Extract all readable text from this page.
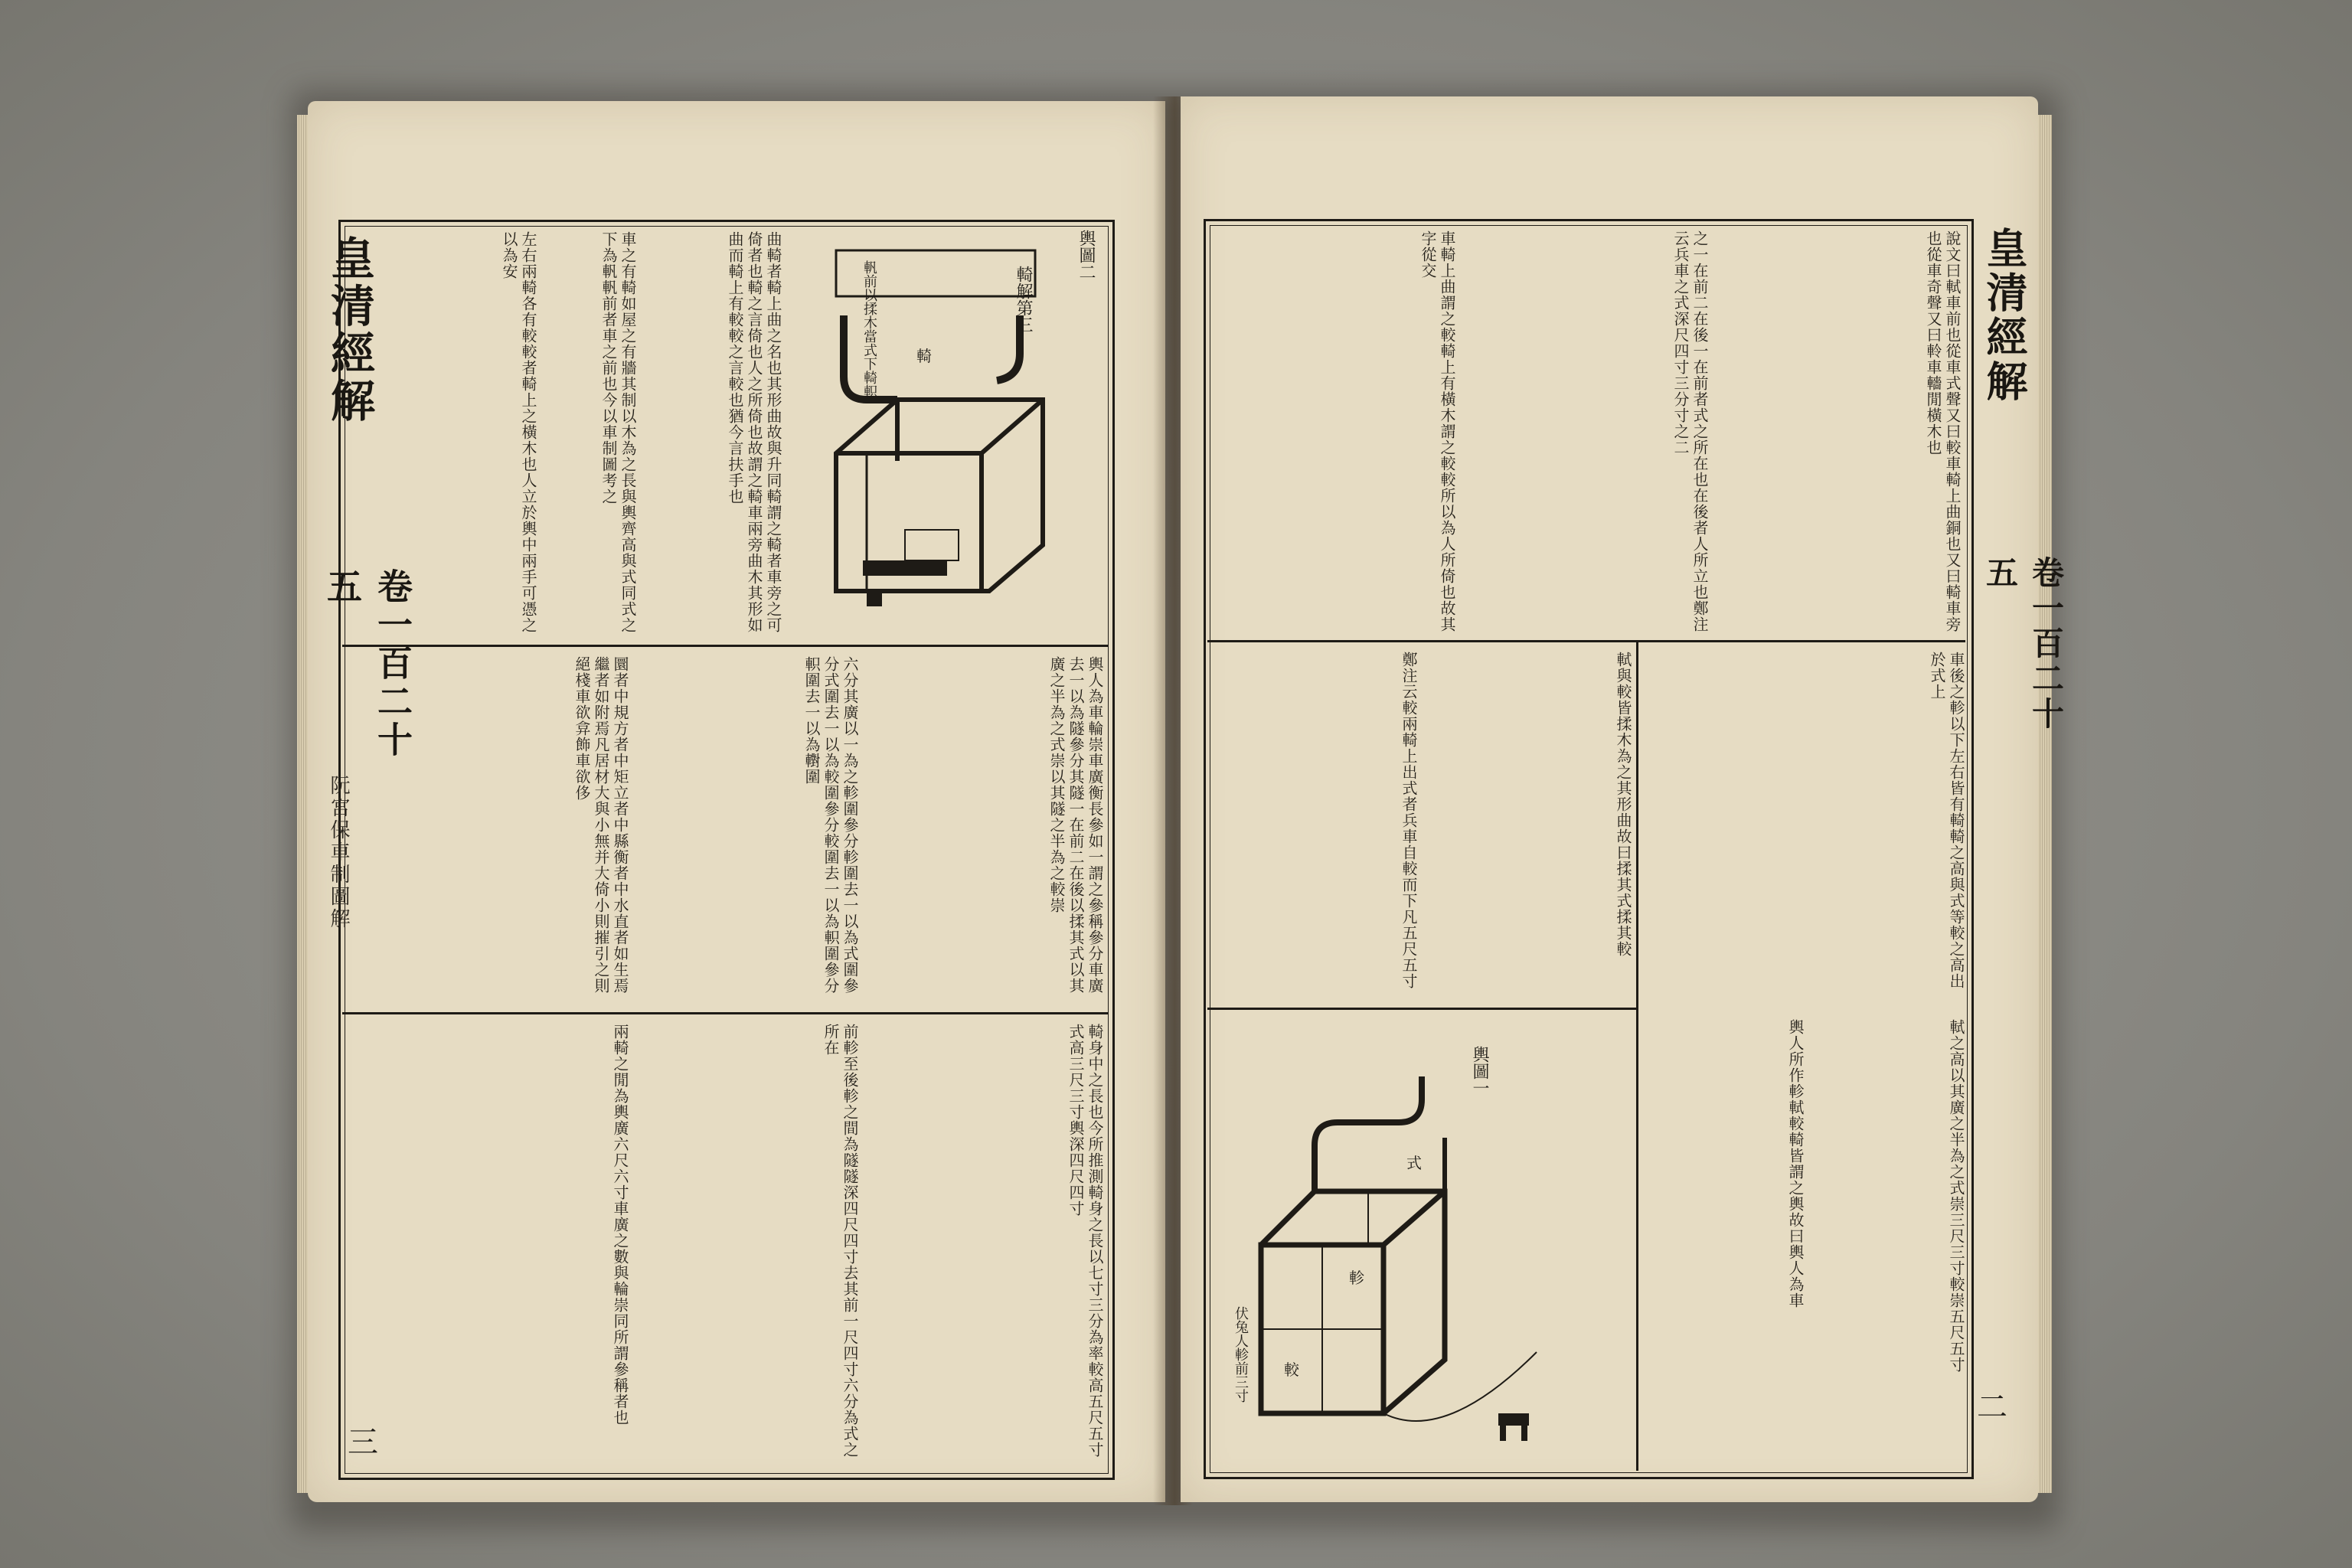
皇清經解
卷一百二十五
阮宮保車制圖解
三
左右兩輢各有較較者輢上之橫木也人立於輿中兩手可憑之以為安	車之有輢如屋之有牆其制以木為之長與輿齊高與式同式之下為軓軓前者車之前也今以車制圖考之	曲輢者輢上曲之名也其形曲故與升同輢謂之輢者車旁之可倚者也輢之言倚也人之所倚也故謂之輢車兩旁曲木其形如曲而輢上有較較之言較也猶今言扶手也	輿圖二
輢解第三
輢
軓前以揉木當式下輢軹
圜者中規方者中矩立者中縣衡者中水直者如生焉繼者如附焉凡居材大與小無并大倚小則摧引之則絕棧車欲弇飾車欲侈	六分其廣以一為之軫圍參分軫圍去一以為式圍參分式圍去一以為較圍參分較圍去一以為軹圍參分軹圍去一以為轛圍	輿人為車輪崇車廣衡長參如一謂之參稱參分車廣去一以為隧參分其隧一在前二在後以揉其式以其廣之半為之式崇以其隧之半為之較崇
兩輢之閒為輿廣六尺六寸車廣之數與輪崇同所謂參稱者也	前軫至後軫之間為隧隧深四尺四寸去其前一尺四寸六分為式之所在	輢身中之長也今所推測輢身之長以七寸三分為率較高五尺五寸式高三尺三寸輿深四尺四寸
皇清經解
卷一百二十五
二
車輢上曲謂之較輢上有橫木謂之較較所以為人所倚也故其字從交	之一在前二在後一在前者式之所在也在後者人所立也鄭注云兵車之式深尺四寸三分寸之二	說文曰軾車前也從車式聲又曰較車輢上曲銅也又曰輢車旁也從車奇聲又曰軨車轖閒橫木也
鄭注云較兩輢上出式者兵車自較而下凡五尺五寸	軾與較皆揉木為之其形曲故曰揉其式揉其較	車後之軫以下左右皆有輢輢之高與式等較之高出於式上
輿人所作軫軾較輢皆謂之輿故曰輿人為車	軾之高以其廣之半為之式崇三尺三寸較崇五尺五寸
輿圖一
軫
式
較
伏兔人軫前三寸
